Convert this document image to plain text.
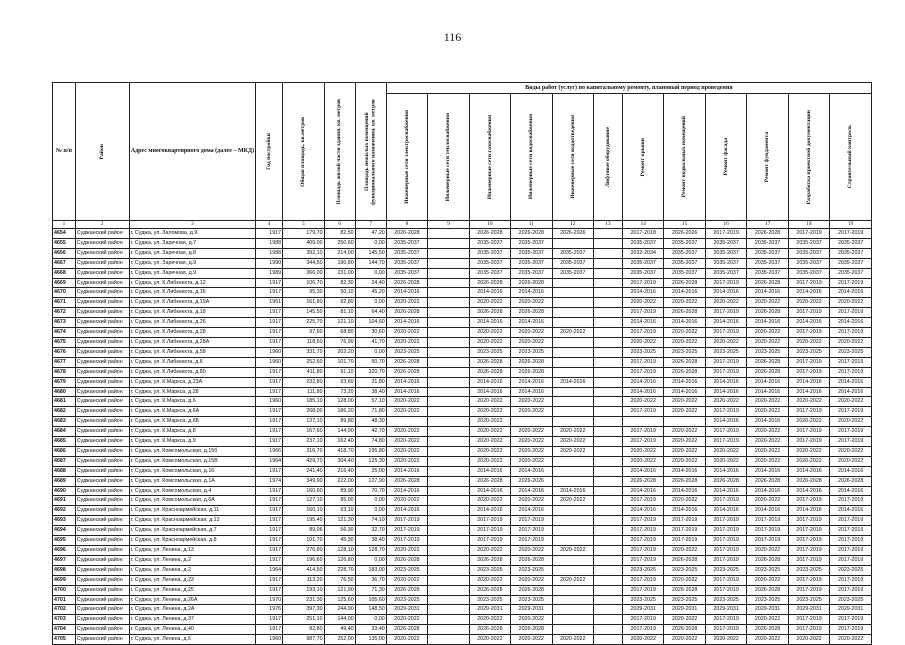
116
№ п/п	Район	Адрес многоквартирного дома (далее – МКД)	Год постройки	Общая площадь, кв.метров	Площадь жилой части здания, кв. метров	Площадь нежилых помещений функционального назначения, кв. метров	Виды работ (услуг) по капитальному ремонту, плановый период проведения											

							Инженерные сети электроснабжения	Инженерные сети теплоснабжения	Инженерные сети газоснабжения	Инженерные сети водоснабжения	Инженерные сети водоотведения	Лифтовое оборудование	Ремонт крыши	Ремонт подвальных помещений	Ремонт фасада	Ремонт фундамента	Разработка проектной документации	Строительный контроль

1	2	3	4	5	6	7	8	9	10	11	12	13	14	15	16	17	18	19
4654	Суджанский район	г. Суджа, ул. Заломова, д.9	1917	179,70	82,50	47,20	2026-2028		2026-2028	2026-2028	2026-2026		2017-2018	2026-2026	2017-2019	2026-2028	2017-2019	2017-2019
4655	Суджанский район	г. Суджа, ул. Заречная, д.7	1988	409,00	250,60	0,00	2035-2037		2035-2037	2035-2037			2035-2037	2035-2037	2035-2037	2035-2037	2035-2037	2035-2037
4656	Суджанский район	г. Суджа, ул. Заречная, д.8	1988	392,10	214,00	145,50	2035-2037		2035-2037	2035-2037	2035-2037		2032-2034	2035-2037	2035-2037	2035-2037	2035-2037	2035-2037
4667	Суджанский район	г. Суджа, ул. Заречная, д.9	1990	344,50	190,80	144,70	2035-2037		2035-2037	2035-2037	2035-2037		2035-2037	2035-2037	2035-2037	2035-2037	2035-2037	2035-2037
4668	Суджанский район	г. Суджа, ул. Заречная, д.9	1989	366,00	231,00	0,00	2035-2037		2035-2037	2035-2037	2035-2037		2035-2037	2035-2037	2035-2037	2035-2037	2035-2037	2035-2037
4669	Суджанский район	г. Суджа, ул. К.Либкнехта, д.12	1917	106,70	82,30	24,40	2026-2028		2026-2028	2026-2028			2017-2019	2026-2028	2017-2019	2026-2028	2017-2019	2017-2019
4670	Суджанский район	г. Суджа, ул. К.Либкнехта, д.16	1917	95,30	50,10	45,20	2014-2016		2014-2016	2014-2016			2014-2016	2014-2016	2014-2016	2014-2016	2014-2016	2014-2016
4671	Суджанский район	г. Суджа, ул. К.Либкнехта, д.19А	1961	161,80	92,80	0,00	2020-2022		2020-2022	2020-2022			2020-2022	2020-2022	2020-2022	2020-2022	2020-2022	2020-2022
4672	Суджанский район	г. Суджа, ул. К.Либкнехта, д.18	1917	145,50	81,10	64,40	2026-2028		2026-2028	2026-2028			2017-2019	2026-2028	2017-2019	2026-2028	2017-2019	2017-2019
4673	Суджанский район	г. Суджа, ул. К.Либкнехта, д.26	1917	225,70	121,10	104,60	2014-2016		2014-2016	2014-2016			2014-2016	2014-2016	2014-2016	2014-2016	2014-2016	2014-2016
4674	Суджанский район	г. Суджа, ул. К.Либкнехта, д.28	1917	97,60	68,80	30,60	2020-2022		2020-2022	2020-2022	2020-2022		2017-2019	2020-2022	2017-2019	2020-2022	2017-2019	2017-2019
4675	Суджанский район	г. Суджа, ул. К.Либкнехта, д.28А	1917	118,60	76,90	41,70	2020-2022		2020-2022	2020-2022			2020-2022	2020-2022	2020-2022	2020-2022	2020-2022	2020-2022
4676	Суджанский район	г. Суджа, ул. К.Либкнехта, д.58	1960	331,70	202,20	0,00	2023-2025		2023-2025	2023-2025			2023-2025	2023-2025	2023-2025	2023-2025	2023-2025	2023-2025
4677	Суджанский район	г. Суджа, ул. К.Либкнехта, д.6	1960	252,60	101,70	50,70	2026-2028		2026-2028	2026-2028			2017-2019	2026-2028	2017-2019	2026-2028	2017-2019	2017-2019
4678	Суджанский район	г. Суджа, ул. К.Либкнехта, д.80	1917	411,80	91,10	320,70	2026-2028		2026-2028	2026-2028			2017-2019	2026-2028	2017-2019	2026-2028	2017-2019	2017-2019
4679	Суджанский район	г. Суджа, ул. К.Маркса, д.23А	1917	232,80	93,60	31,80	2014-2016		2014-2016	2014-2016	2014-2016		2014-2016	2014-2016	2014-2016	2014-2016	2014-2016	2014-2016
4680	Суджанский район	г. Суджа, ул. К.Маркса, д.28	1917	111,80	73,20	38,40	2014-2016		2014-2016	2014-2016			2014-2016	2014-2016	2014-2016	2014-2016	2014-2016	2014-2016
4681	Суджанский район	г. Суджа, ул. К.Маркса, д.6	1960	185,10	128,00	57,10	2020-2022		2020-2022	2020-2022			2020-2022	2020-2022	2020-2022	2020-2022	2020-2022	2020-2022
4682	Суджанский район	г. Суджа, ул. К.Маркса, д.6А	1917	268,00	186,20	71,80	2020-2022		2020-2022	2020-2022			2017-2019	2020-2022	2017-2019	2020-2022	2017-2019	2017-2019
4683	Суджанский район	г. Суджа, ул. К.Маркса, д.6Б	1917	137,10	89,80	48,30			2020-2022						2014-2016	2014-2016	2020-2022	2020-2022
4684	Суджанский район	г. Суджа, ул. К.Маркса, д.8	1917	167,60	144,90	42,70	2020-2022		2020-2022	2020-2022	2020-2022		2017-2019	2020-2022	2017-2019	2020-2022	2017-2019	2017-2019
4685	Суджанский район	г. Суджа, ул. К.Маркса, д.9	1917	237,10	162,40	74,80	2020-2022		2020-2022	2020-2022	2020-2022		2017-2019	2020-2022	2017-2019	2020-2022	2017-2019	2017-2019
4686	Суджанский район	г. Суджа, ул. Комсомольская, д.15б	1966	316,70	418,70	195,80	2020-2022		2020-2022	2020-2022	2020-2022		2020-2022	2020-2022	2020-2022	2020-2022	2020-2022	2020-2022
4687	Суджанский район	г. Суджа, ул. Комсомольская, д.15В	1964	429,70	304,40	125,30	2020-2022		2020-2022	2020-2022			2020-2022	2020-2022	2020-2022	2020-2022	2020-2022	2020-2022
4688	Суджанский район	г. Суджа, ул. Комсомольская, д.16	1917	241,40	216,40	25,00	2014-2016		2014-2016	2014-2016			2014-2016	2014-2016	2014-2016	2014-2016	2014-2016	2014-2016
4689	Суджанский район	г. Суджа, ул. Комсомольская, д.1А	1974	349,90	222,00	127,90	2026-2028		2026-2028	2026-2026			2026-2028	2026-2028	2026-2028	2026-2028	2026-2028	2026-2028
4690	Суджанский район	г. Суджа, ул. Комсомольская, д.4	1917	160,60	89,90	70,70	2014-2016		2014-2016	2014-2016	2014-2016		2014-2016	2014-2016	2014-2016	2014-2016	2014-2016	2014-2016
4691	Суджанский район	г. Суджа, ул. Комсомольская, д.6А	1917	127,10	85,00	0,00	2020-2022		2020-2022	2020-2022	2020-2022		2017-2019	2020-2022	2017-2019	2020-2022	2017-2019	2017-2019
4692	Суджанский район	г. Суджа, ул. Красноармейская, д.11	1917	160,10	93,10	0,00	2014-2016		2014-2016	2014-2016			2014-2016	2014-2016	2014-2016	2014-2016	2014-2016	2014-2016
4693	Суджанский район	г. Суджа, ул. Красноармейская, д.12	1917	195,40	121,30	74,10	2017-2019		2017-2019	2017-2019			2017-2019	2017-2019	2017-2019	2017-2019	2017-2019	2017-2019
4694	Суджанский район	г. Суджа, ул. Красноармейская, д.7	1917	89,06	56,30	32,70	2017-2019		2017-2019	2017-2019			2017-2019	2017-2019	2017-2019	2017-2019	2017-2019	2017-2019
4695	Суджанский район	г. Суджа, ул. Красноармейская, д.8	1917	101,70	45,30	38,40	2017-2019		2017-2019	2017-2019			2017-2019	2017-2019	2017-2019	2017-2019	2017-2019	2017-2019
4696	Суджанский район	г. Суджа, ул. Ленина, д.13	1917	276,80	128,10	128,70	2020-2022		2020-2022	2020-2022	2020-2022		2017-2019	2020-2022	2017-2019	2020-2022	2017-2019	2017-2019
4697	Суджанский район	г. Суджа, ул. Ленина, д.2	1917	196,60	126,80	0,00	2026-2028		2026-2028	2026-2028			2017-2019	2026-2028	2017-2019	2026-2028	2017-2019	2017-2019
4698	Суджанский район	г. Суджа, ул. Ленина, д.2	1964	414,50	228,70	183,00	2023-2025		2023-2025	2023-2025			2023-2025	2023-2025	2023-2025	2023-2025	2023-2025	2023-2025
4699	Суджанский район	г. Суджа, ул. Ленина, д.23	1917	113,20	76,50	36,70	2020-2022		2020-2022	2020-2022	2020-2022		2017-2019	2020-2022	2017-2019	2020-2022	2017-2019	2017-2019
4700	Суджанский район	г. Суджа, ул. Ленина, д.25	1917	193,10	121,90	71,30	2026-2028		2026-2028	2026-2028			2017-2019	2026-2028	2017-2019	2026-2028	2017-2019	2017-2019
4701	Суджанский район	г. Суджа, ул. Ленина, д.26А	1970	231,30	125,60	105,60	2023-2025		2023-2025	2023-2025			2023-2025	2023-2025	2023-2025	2023-2025	2023-2025	2023-2025
4702	Суджанский район	г. Суджа, ул. Ленина, д.2А	1976	397,30	244,90	148,50	2029-2031		2029-2031	2029-2031			2029-2031	2029-2031	2029-2031	2029-2031	2029-2031	2029-2031
4703	Суджанский район	г. Суджа, ул. Ленина, д.37	1917	251,10	144,00	0,00	2020-2022		2020-2022	2020-2022			2017-2019	2020-2022	2017-2019	2020-2022	2017-2019	2017-2019
4704	Суджанский район	г. Суджа, ул. Ленина, д.40	1917	82,80	49,40	33,40	2026-2028		2026-2028	2026-2028			2017-2019	2026-2028	2017-2019	2026-2028	2017-2019	2017-2019
4705	Суджанский район	г. Суджа, ул. Ленина, д.6	1960	987,70	252,00	135,00	2020-2022		2020-2022	2020-2022	2020-2022		2020-2022	2020-2022	2020-2022	2020-2022	2020-2022	2020-2022
